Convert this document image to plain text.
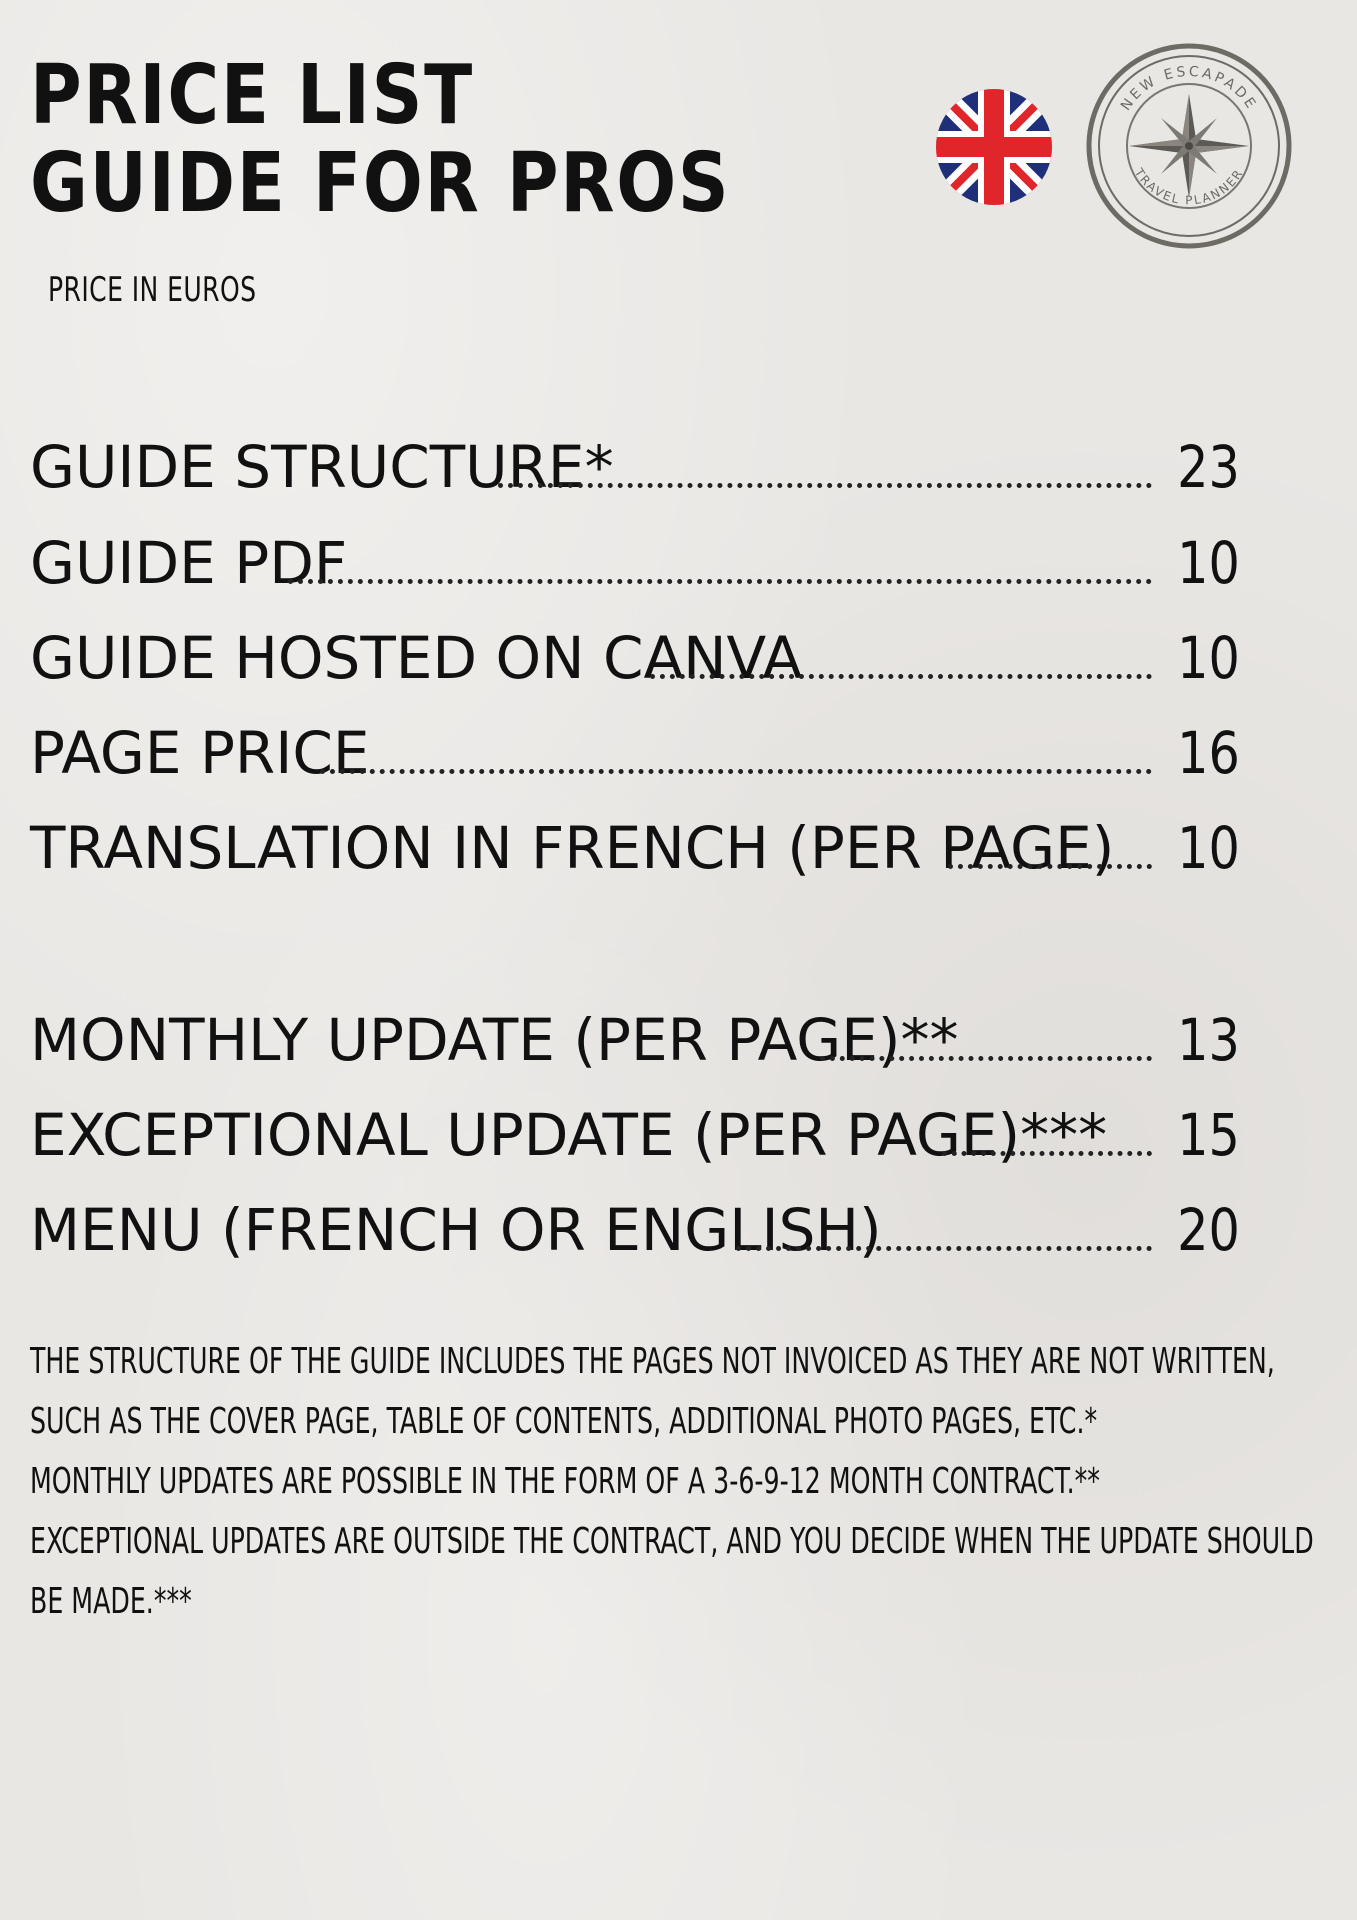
PRICE LIST
GUIDE FOR PROS
PRICE IN EUROS
NEW ESCAPADE
TRAVEL PLANNER
GUIDE STRUCTURE*	23
GUIDE PDF	10
GUIDE HOSTED ON CANVA	10
PAGE PRICE	16
TRANSLATION IN FRENCH (PER PAGE) 10
MONTHLY UPDATE (PER PAGE)**	13
EXCEPTIONAL UPDATE (PER PAGE)*** 15
MENU (FRENCH OR ENGLISH)	20

THE STRUCTURE OF THE GUIDE INCLUDES THE PAGES NOT INVOICED AS THEY ARE NOT WRITTEN, SUCH AS THE COVER PAGE, TABLE OF CONTENTS, ADDITIONAL PHOTO PAGES, ETC.*

MONTHLY UPDATES ARE POSSIBLE IN THE FORM OF A 3-6-9-12 MONTH CONTRACT.**

EXCEPTIONAL UPDATES ARE OUTSIDE THE CONTRACT, AND YOU DECIDE WHEN THE UPDATE SHOULD BE MADE.***
